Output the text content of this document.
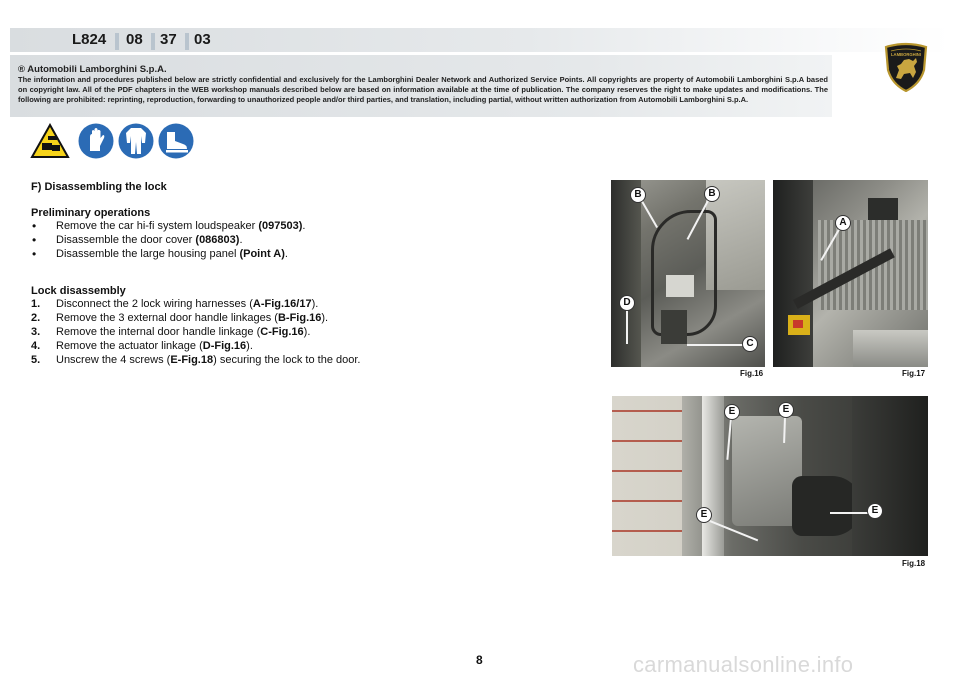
L824 08 37 03
® Automobili Lamborghini S.p.A.
The information and procedures published below are strictly confidential and exclusively for the Lamborghini Dealer Network and Authorized Service Points. All copyrights are property of Automobili Lamborghini S.p.A based on copyright law. All of the PDF chapters in the WEB workshop manuals described below are based on information available at the time of publication. The company reserves the right to make updates and modifications. The following are prohibited: reprinting, reproduction, forwarding to unauthorized people and/or third parties, and translation, including partial, without written authorization from Automobili Lamborghini S.p.A.
LAMBORGHINI
F) Disassembling the lock
Preliminary operations
• Remove the car hi-fi system loudspeaker (097503).
• Disassemble the door cover (086803).
• Disassemble the large housing panel (Point A).
Lock disassembly
1. Disconnect the 2 lock wiring harnesses (A-Fig.16/17).
2. Remove the 3 external door handle linkages (B-Fig.16).
3. Remove the internal door handle linkage (C-Fig.16).
4. Remove the actuator linkage (D-Fig.16).
5. Unscrew the 4 screws (E-Fig.18) securing the lock to the door.
B	B
D
C
Fig.16
A
Fig.17
E	E
E	E
Fig.18
8	carmanualsonline.info
